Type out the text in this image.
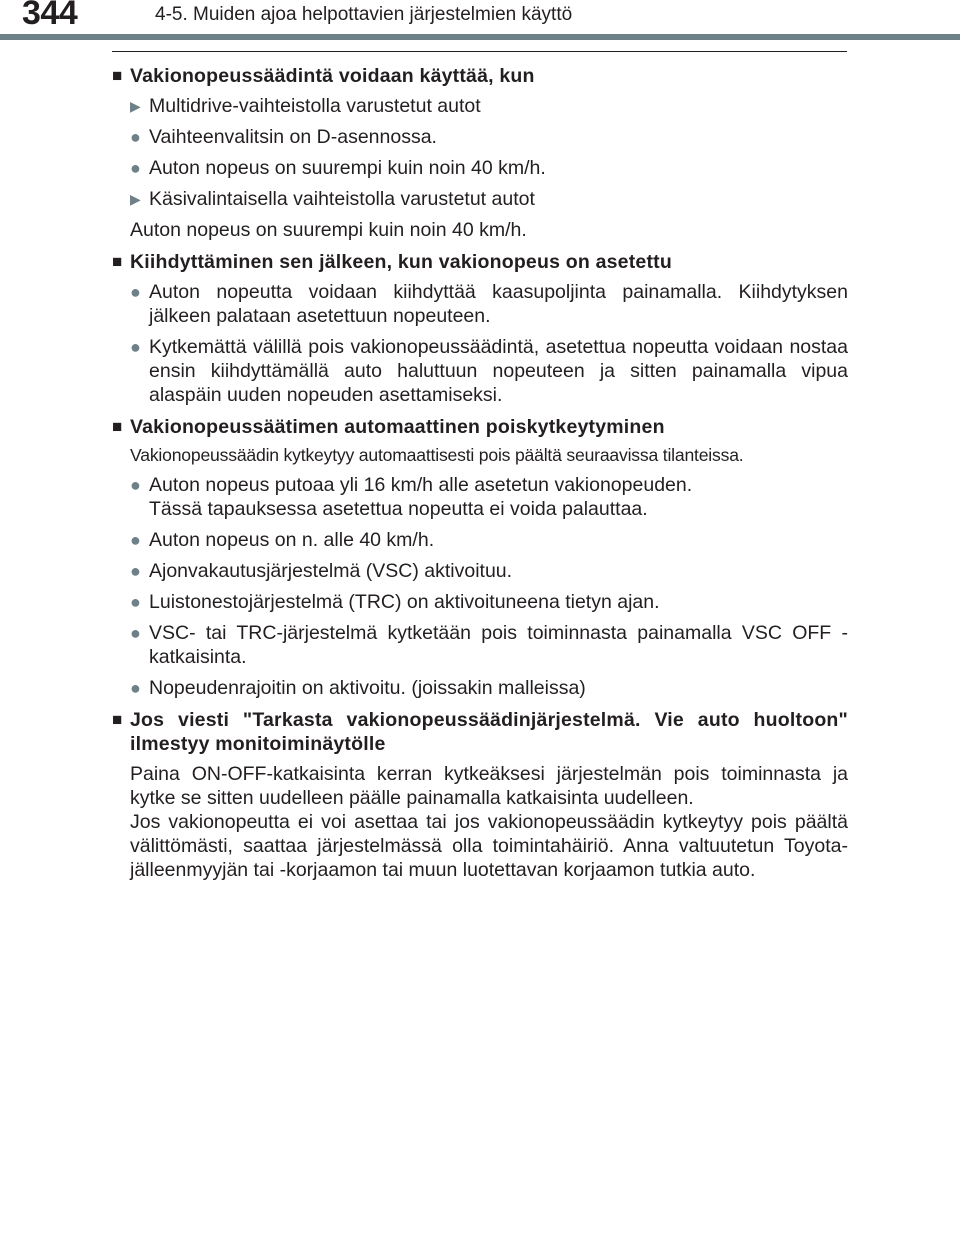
344	4-5. Muiden ajoa helpottavien järjestelmien käyttö
■ Vakionopeussäädintä voidaan käyttää, kun
▶ Multidrive-vaihteistolla varustetut autot
● Vaihteenvalitsin on D-asennossa.
● Auton nopeus on suurempi kuin noin 40 km/h.
▶ Käsivalintaisella vaihteistolla varustetut autot
Auton nopeus on suurempi kuin noin 40 km/h.
■ Kiihdyttäminen sen jälkeen, kun vakionopeus on asetettu
● Auton nopeutta voidaan kiihdyttää kaasupoljinta painamalla. Kiihdytyksen jälkeen palataan asetettuun nopeuteen.
● Kytkemättä välillä pois vakionopeussäädintä, asetettua nopeutta voidaan nostaa ensin kiihdyttämällä auto haluttuun nopeuteen ja sitten painamalla vipua alaspäin uuden nopeuden asettamiseksi.
■ Vakionopeussäätimen automaattinen poiskytkeytyminen
Vakionopeussäädin kytkeytyy automaattisesti pois päältä seuraavissa tilanteissa.
● Auton nopeus putoaa yli 16 km/h alle asetetun vakionopeuden.
Tässä tapauksessa asetettua nopeutta ei voida palauttaa.
● Auton nopeus on n. alle 40 km/h.
● Ajonvakautusjärjestelmä (VSC) aktivoituu.
● Luistonestojärjestelmä (TRC) on aktivoituneena tietyn ajan.
● VSC- tai TRC-järjestelmä kytketään pois toiminnasta painamalla VSC OFF -katkaisinta.
● Nopeudenrajoitin on aktivoitu. (joissakin malleissa)
■ Jos viesti "Tarkasta vakionopeussäädinjärjestelmä. Vie auto huoltoon" ilmestyy monitoiminäytölle
Paina ON-OFF-katkaisinta kerran kytkeäksesi järjestelmän pois toiminnasta ja kytke se sitten uudelleen päälle painamalla katkaisinta uudelleen.
Jos vakionopeutta ei voi asettaa tai jos vakionopeussäädin kytkeytyy pois päältä välittömästi, saattaa järjestelmässä olla toimintahäiriö. Anna valtuutetun Toyota-jälleenmyyjän tai -korjaamon tai muun luotettavan korjaamon tutkia auto.
